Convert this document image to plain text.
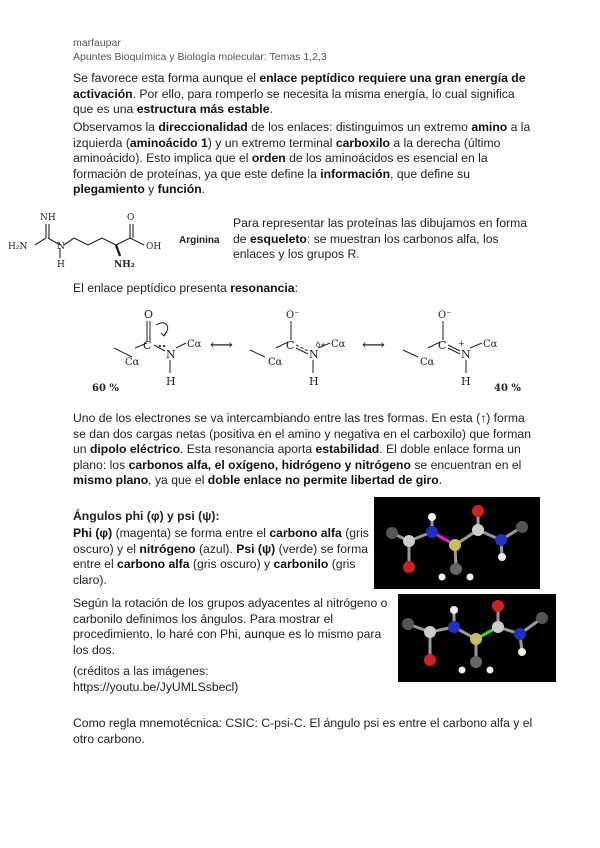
marfaupar
Apuntes Bioquímica y Biología molecular: Temas 1,2,3
Se favorece esta forma aunque el enlace peptídico requiere una gran energía de activación. Por ello, para romperlo se necesita la misma energía, lo cual significa que es una estructura más estable.
Observamos la direccionalidad de los enlaces: distinguimos un extremo amino a la izquierda (aminoácido 1) y un extremo terminal carboxilo a la derecha (último aminoácido). Esto implica que el orden de los aminoácidos es esencial en la formación de proteínas, ya que este define la información, que define su plegamiento y función.
NH
H₂N	N
H
O
OH
NH₂
Arginina
Para representar las proteínas las dibujamos en forma de esqueleto: se muestran los carbonos alfa, los enlaces y los grupos R.
El enlace peptídico presenta resonancia:
O
C
N
H
Cα
Cα
⟷
O⁻
C
N
δ+
H
Cα
Cα
⟷
O⁻
C
N
+
H
Cα
Cα
60 %	40 %
Uno de los electrones se va intercambiando entre las tres formas. En esta (↑) forma se dan dos cargas netas (positiva en el amino y negativa en el carboxilo) que forman un dipolo eléctrico. Esta resonancia aporta estabilidad. El doble enlace forma un plano: los carbonos alfa, el oxígeno, hidrógeno y nitrógeno se encuentran en el mismo plano, ya que el doble enlace no permite libertad de giro.
Ángulos phi (φ) y psi (ψ):
Phi (φ) (magenta) se forma entre el carbono alfa (gris oscuro) y el nitrógeno (azul). Psi (ψ) (verde) se forma entre el carbono alfa (gris oscuro) y carbonilo (gris claro).
Según la rotación de los grupos adyacentes al nitrógeno o carbonilo definimos los ángulos. Para mostrar el procedimiento, lo haré con Phi, aunque es lo mismo para los dos.
(créditos a las imágenes:
https://youtu.be/JyUMLSsbecl)
Como regla mnemotécnica: CSIC: C-psi-C. El ángulo psi es entre el carbono alfa y el otro carbono.
